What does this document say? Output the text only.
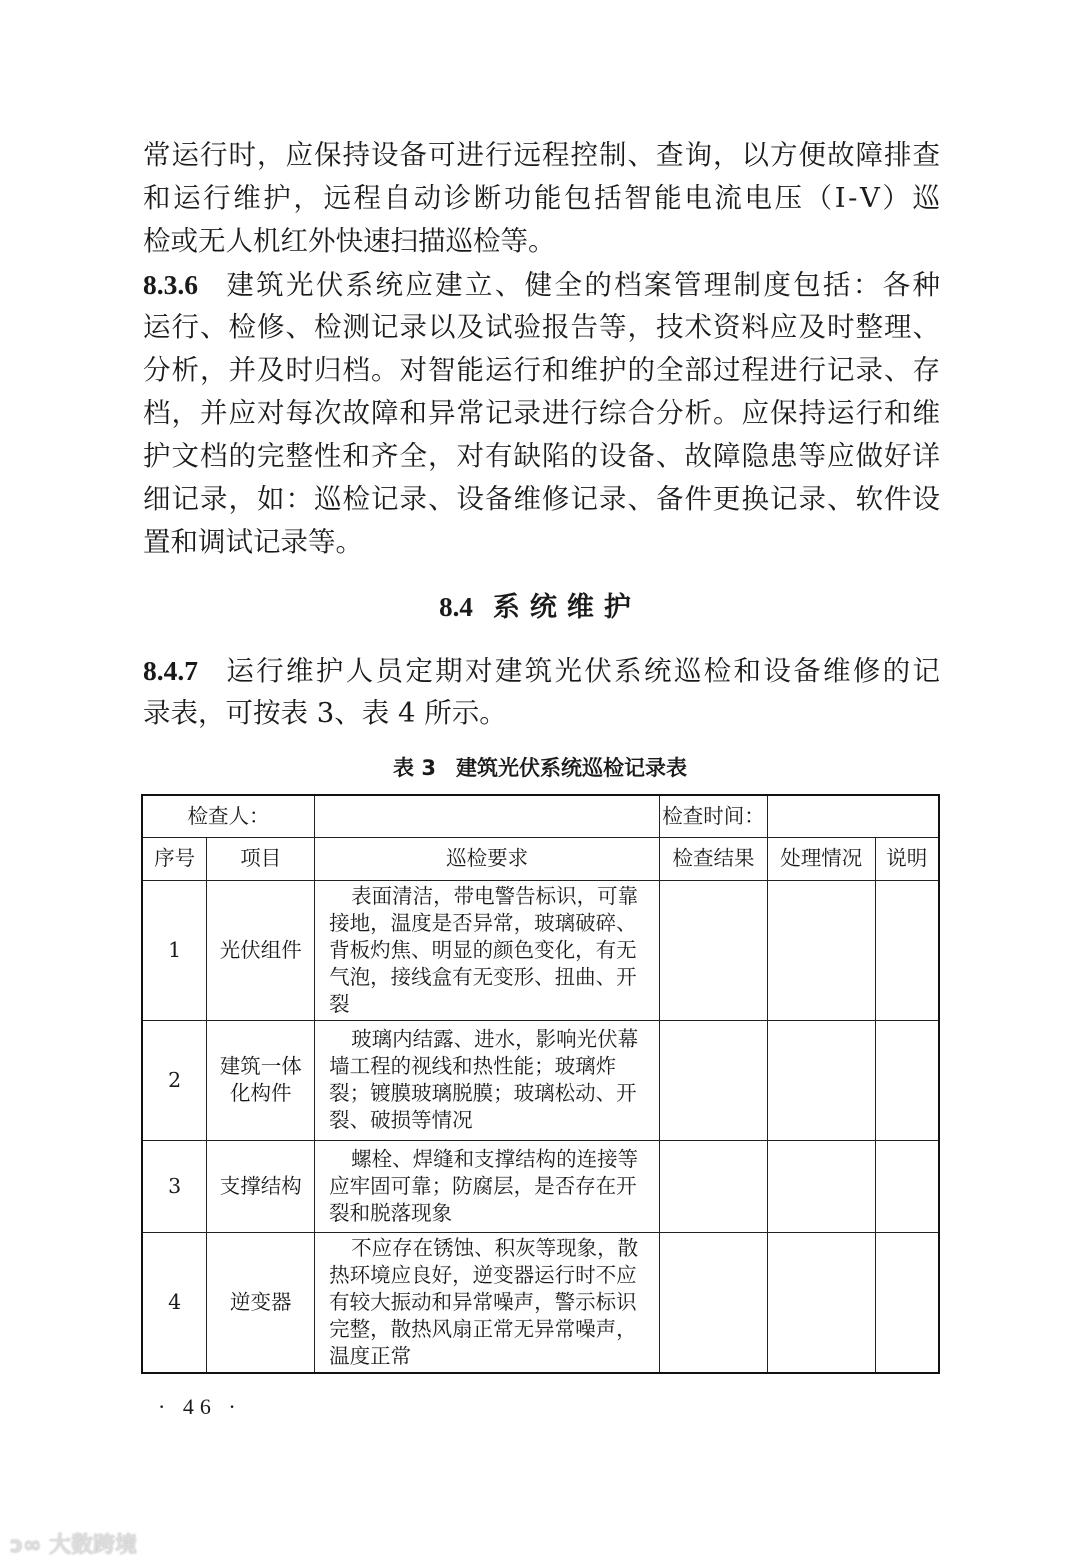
常运行时，应保持设备可进行远程控制、查询，以方便故障排查
和运行维护，远程自动诊断功能包括智能电流电压（Ⅰ-Ⅴ）巡
检或无人机红外快速扫描巡检等。
8.3.6 建筑光伏系统应建立、健全的档案管理制度包括：各种
运行、检修、检测记录以及试验报告等，技术资料应及时整理、
分析，并及时归档。对智能运行和维护的全部过程进行记录、存
档，并应对每次故障和异常记录进行综合分析。应保持运行和维
护文档的完整性和齐全，对有缺陷的设备、故障隐患等应做好详
细记录，如：巡检记录、设备维修记录、备件更换记录、软件设
置和调试记录等。
8.4 系统维护
8.4.7 运行维护人员定期对建筑光伏系统巡检和设备维修的记
录表，可按表 3、表 4 所示。
表 3 建筑光伏系统巡检记录表
检查人：			检查时间：		
序号	项目	巡检要求	检查结果	处理情况	说明
1	光伏组件	表面清洁，带电警告标识，可靠接地，温度是否异常，玻璃破碎、背板灼焦、明显的颜色变化，有无气泡，接线盒有无变形、扭曲、开裂			
2	建筑一体化构件	玻璃内结露、进水，影响光伏幕墙工程的视线和热性能；玻璃炸裂；镀膜玻璃脱膜；玻璃松动、开裂、破损等情况			
3	支撑结构	螺栓、焊缝和支撑结构的连接等应牢固可靠；防腐层，是否存在开裂和脱落现象			
4	逆变器	不应存在锈蚀、积灰等现象，散热环境应良好，逆变器运行时不应有较大振动和异常噪声，警示标识完整，散热风扇正常无异常噪声，温度正常			
· 46 ·
ↄ∞ 大数跨境
